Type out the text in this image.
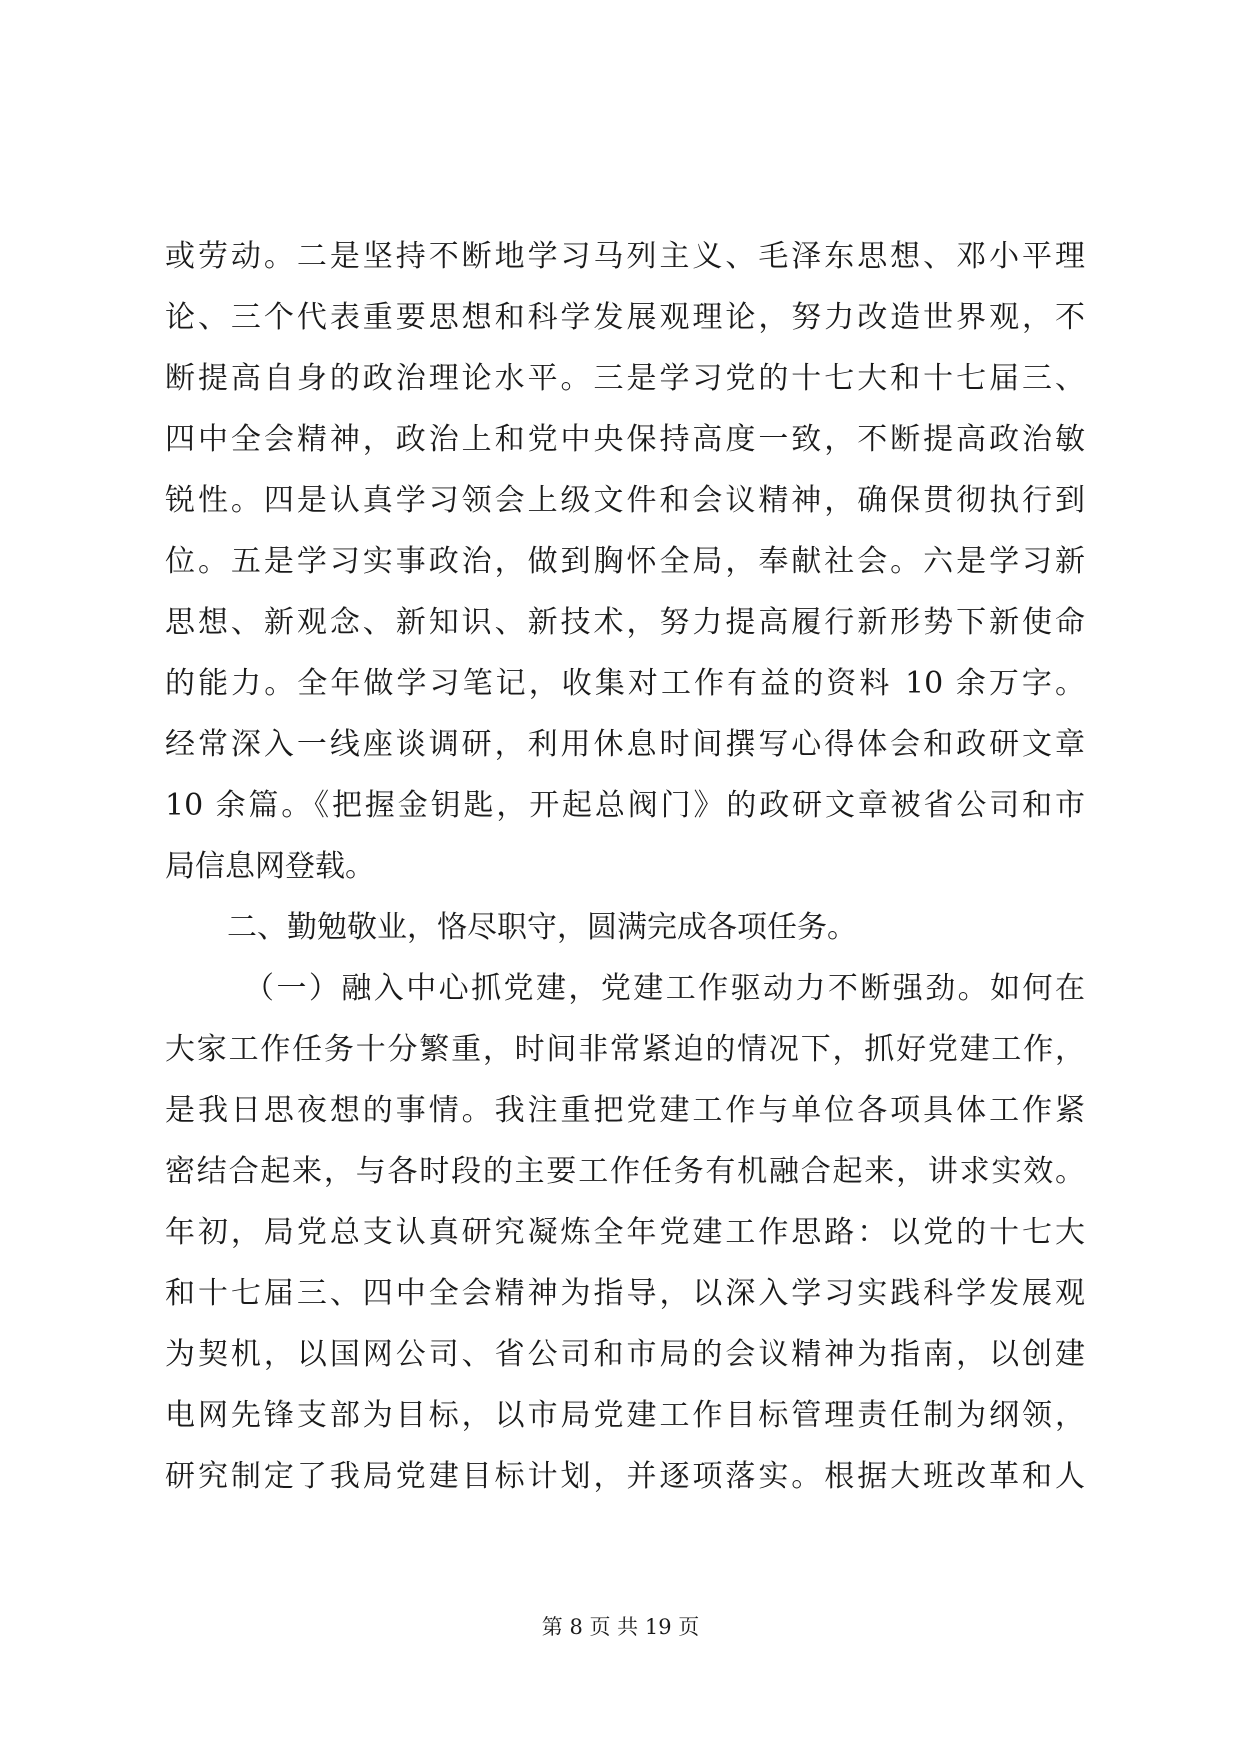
或劳动。二是坚持不断地学习马列主义、毛泽东思想、邓小平理
论、三个代表重要思想和科学发展观理论，努力改造世界观，不
断提高自身的政治理论水平。三是学习党的十七大和十七届三、
四中全会精神，政治上和党中央保持高度一致，不断提高政治敏
锐性。四是认真学习领会上级文件和会议精神，确保贯彻执行到
位。五是学习实事政治，做到胸怀全局，奉献社会。六是学习新
思想、新观念、新知识、新技术，努力提高履行新形势下新使命
的能力。全年做学习笔记，收集对工作有益的资料 10 余万字。
经常深入一线座谈调研，利用休息时间撰写心得体会和政研文章
10 余篇。《把握金钥匙，开起总阀门》的政研文章被省公司和市
局信息网登载。
二、勤勉敬业，恪尽职守，圆满完成各项任务。
（一）融入中心抓党建，党建工作驱动力不断强劲。如何在
大家工作任务十分繁重，时间非常紧迫的情况下，抓好党建工作，
是我日思夜想的事情。我注重把党建工作与单位各项具体工作紧
密结合起来，与各时段的主要工作任务有机融合起来，讲求实效。
年初，局党总支认真研究凝炼全年党建工作思路：以党的十七大
和十七届三、四中全会精神为指导，以深入学习实践科学发展观
为契机，以国网公司、省公司和市局的会议精神为指南，以创建
电网先锋支部为目标，以市局党建工作目标管理责任制为纲领，
研究制定了我局党建目标计划，并逐项落实。根据大班改革和人
第 8 页 共 19 页
